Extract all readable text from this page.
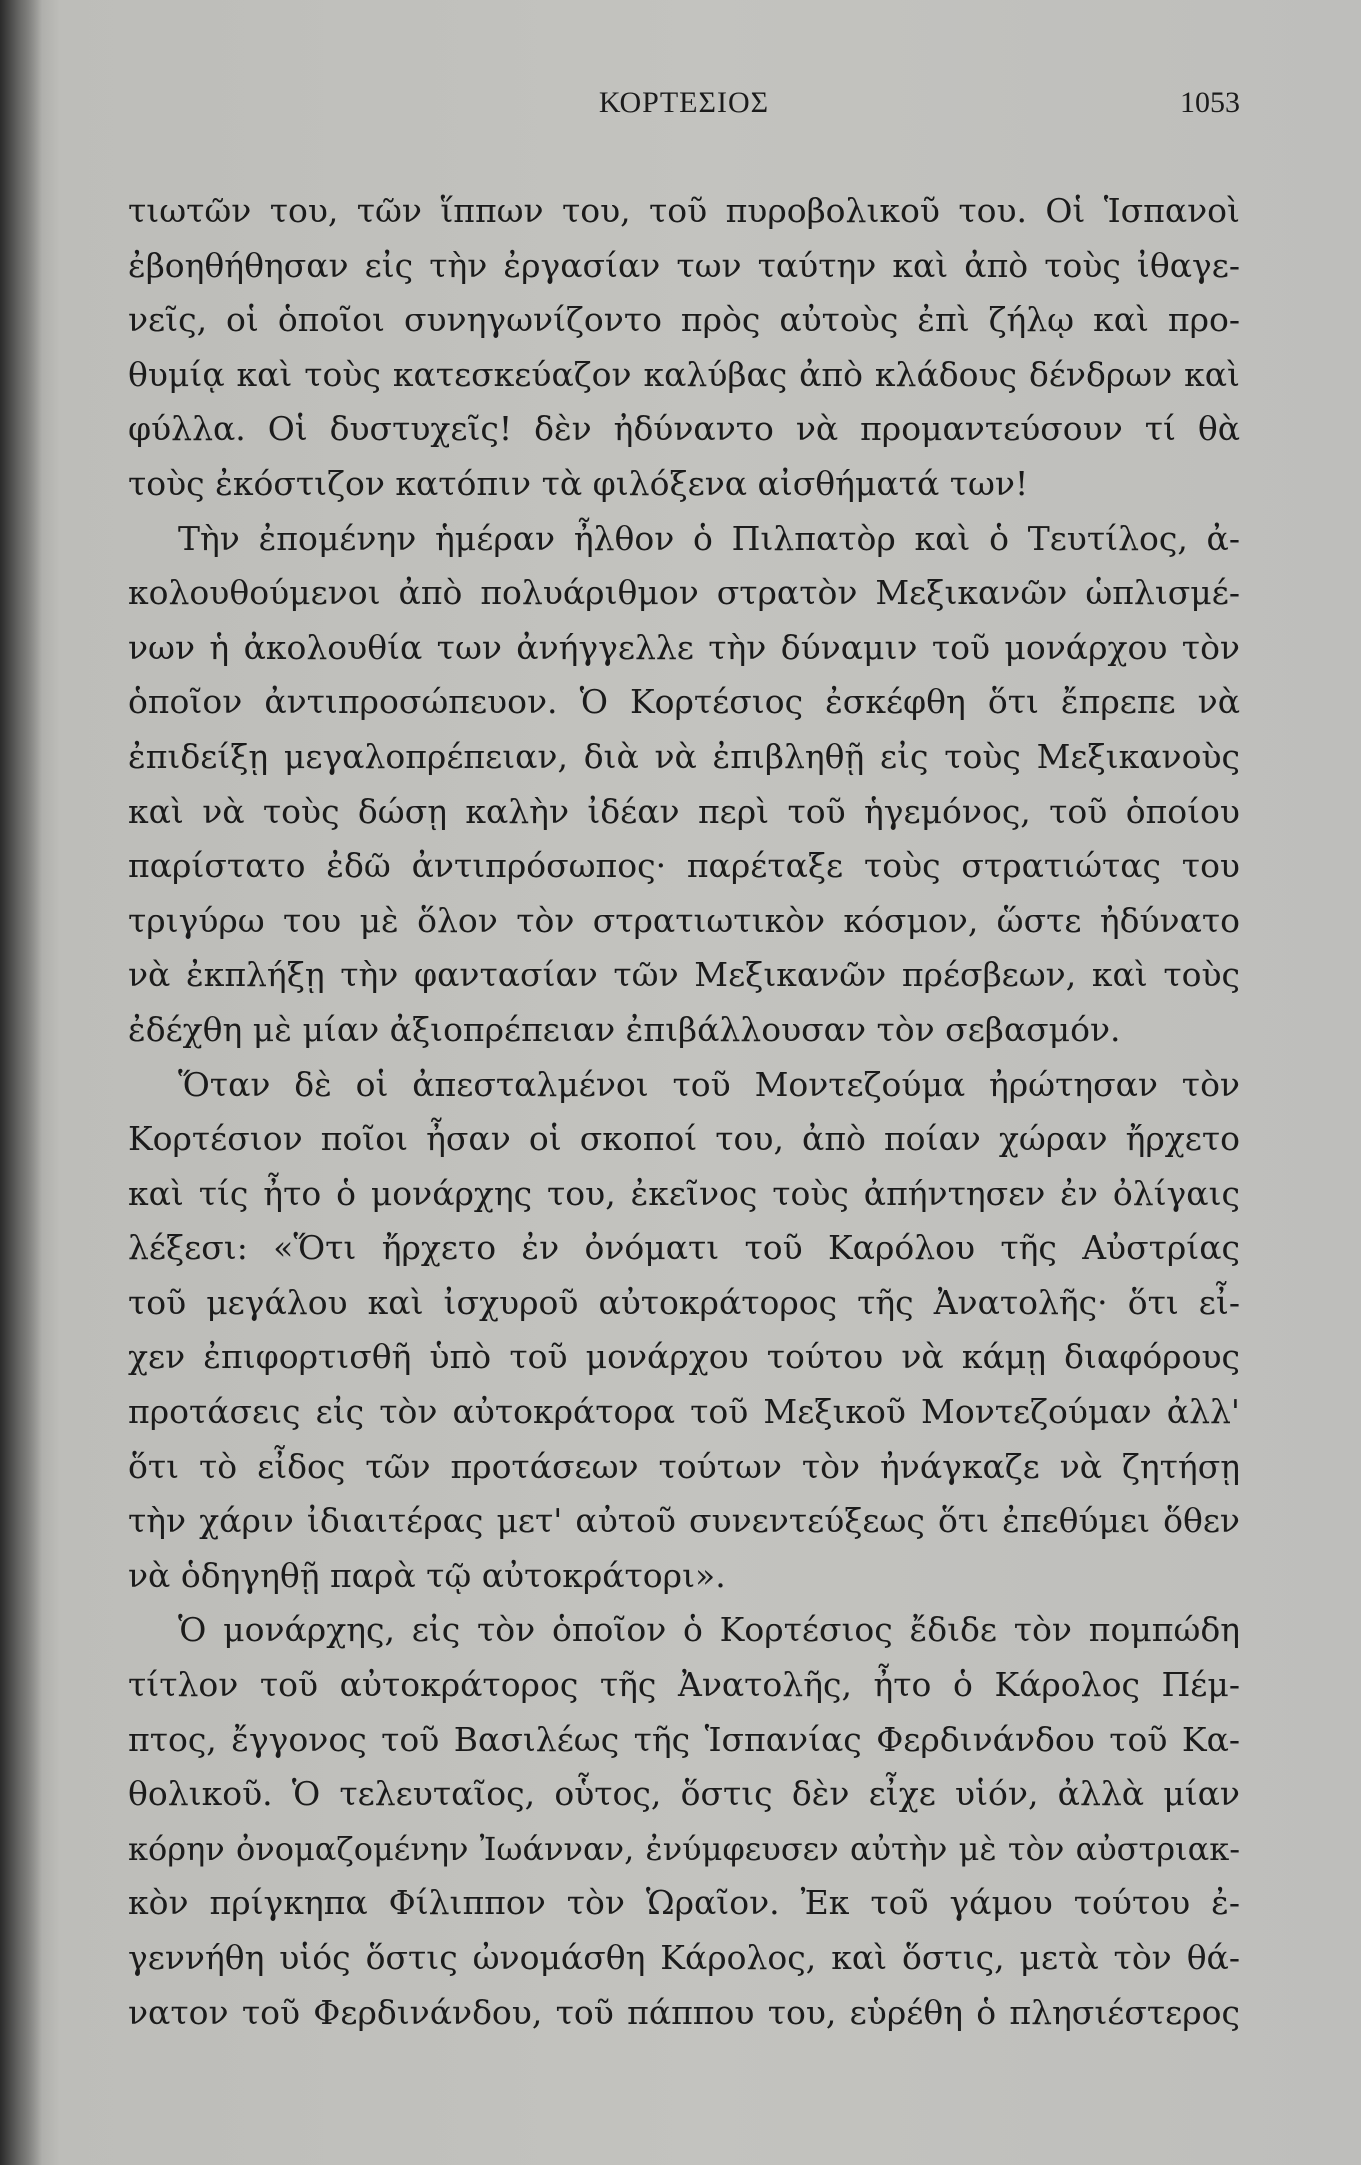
ΚΟΡΤΕΣΙΟΣ	1053
τιωτῶν του, τῶν ἵππων του, τοῦ πυροβολικοῦ του. Οἱ Ἱσπανοὶ
ἐβοηθήθησαν εἰς τὴν ἐργασίαν των ταύτην καὶ ἀπὸ τοὺς ἰθαγε-
νεῖς, οἱ ὁποῖοι συνηγωνίζοντο πρὸς αὐτοὺς ἐπὶ ζήλῳ καὶ προ-
θυμίᾳ καὶ τοὺς κατεσκεύαζον καλύβας ἀπὸ κλάδους δένδρων καὶ
φύλλα. Οἱ δυστυχεῖς! δὲν ἠδύναντο νὰ προμαντεύσουν τί θὰ
τοὺς ἐκόστιζον κατόπιν τὰ φιλόξενα αἰσθήματά των!
Τὴν ἐπομένην ἡμέραν ἦλθον ὁ Πιλπατὸρ καὶ ὁ Τευτίλος, ἀ-
κολουθούμενοι ἀπὸ πολυάριθμον στρατὸν Μεξικανῶν ὡπλισμέ-
νων ἡ ἀκολουθία των ἀνήγγελλε τὴν δύναμιν τοῦ μονάρχου τὸν
ὁποῖον ἀντιπροσώπευον. Ὁ Κορτέσιος ἐσκέφθη ὅτι ἔπρεπε νὰ
ἐπιδείξῃ μεγαλοπρέπειαν, διὰ νὰ ἐπιβληθῇ εἰς τοὺς Μεξικανοὺς
καὶ νὰ τοὺς δώσῃ καλὴν ἰδέαν περὶ τοῦ ἡγεμόνος, τοῦ ὁποίου
παρίστατο ἐδῶ ἀντιπρόσωπος· παρέταξε τοὺς στρατιώτας του
τριγύρω του μὲ ὅλον τὸν στρατιωτικὸν κόσμον, ὥστε ἠδύνατο
νὰ ἐκπλήξῃ τὴν φαντασίαν τῶν Μεξικανῶν πρέσβεων, καὶ τοὺς
ἐδέχθη μὲ μίαν ἀξιοπρέπειαν ἐπιβάλλουσαν τὸν σεβασμόν.
Ὅταν δὲ οἱ ἀπεσταλμένοι τοῦ Μοντεζούμα ἠρώτησαν τὸν
Κορτέσιον ποῖοι ἦσαν οἱ σκοποί του, ἀπὸ ποίαν χώραν ἤρχετο
καὶ τίς ἦτο ὁ μονάρχης του, ἐκεῖνος τοὺς ἀπήντησεν ἐν ὀλίγαις
λέξεσι: «Ὅτι ἤρχετο ἐν ὀνόματι τοῦ Καρόλου τῆς Αὐστρίας
τοῦ μεγάλου καὶ ἰσχυροῦ αὐτοκράτορος τῆς Ἀνατολῆς· ὅτι εἶ-
χεν ἐπιφορτισθῆ ὑπὸ τοῦ μονάρχου τούτου νὰ κάμῃ διαφόρους
προτάσεις εἰς τὸν αὐτοκράτορα τοῦ Μεξικοῦ Μοντεζούμαν ἀλλ'
ὅτι τὸ εἶδος τῶν προτάσεων τούτων τὸν ἠνάγκαζε νὰ ζητήσῃ
τὴν χάριν ἰδιαιτέρας μετ' αὐτοῦ συνεντεύξεως ὅτι ἐπεθύμει ὅθεν
νὰ ὁδηγηθῇ παρὰ τῷ αὐτοκράτορι».
Ὁ μονάρχης, εἰς τὸν ὁποῖον ὁ Κορτέσιος ἔδιδε τὸν πομπώδη
τίτλον τοῦ αὐτοκράτορος τῆς Ἀνατολῆς, ἦτο ὁ Κάρολος Πέμ-
πτος, ἔγγονος τοῦ Βασιλέως τῆς Ἱσπανίας Φερδινάνδου τοῦ Κα-
θολικοῦ. Ὁ τελευταῖος, οὗτος, ὅστις δὲν εἶχε υἱόν, ἀλλὰ μίαν
κόρην ὀνομαζομένην Ἰωάνναν, ἐνύμφευσεν αὐτὴν μὲ τὸν αὐστριακ-
κὸν πρίγκηπα Φίλιππον τὸν Ὡραῖον. Ἐκ τοῦ γάμου τούτου ἐ-
γεννήθη υἱός ὅστις ὠνομάσθη Κάρολος, καὶ ὅστις, μετὰ τὸν θά-
νατον τοῦ Φερδινάνδου, τοῦ πάππου του, εὑρέθη ὁ πλησιέστερος
